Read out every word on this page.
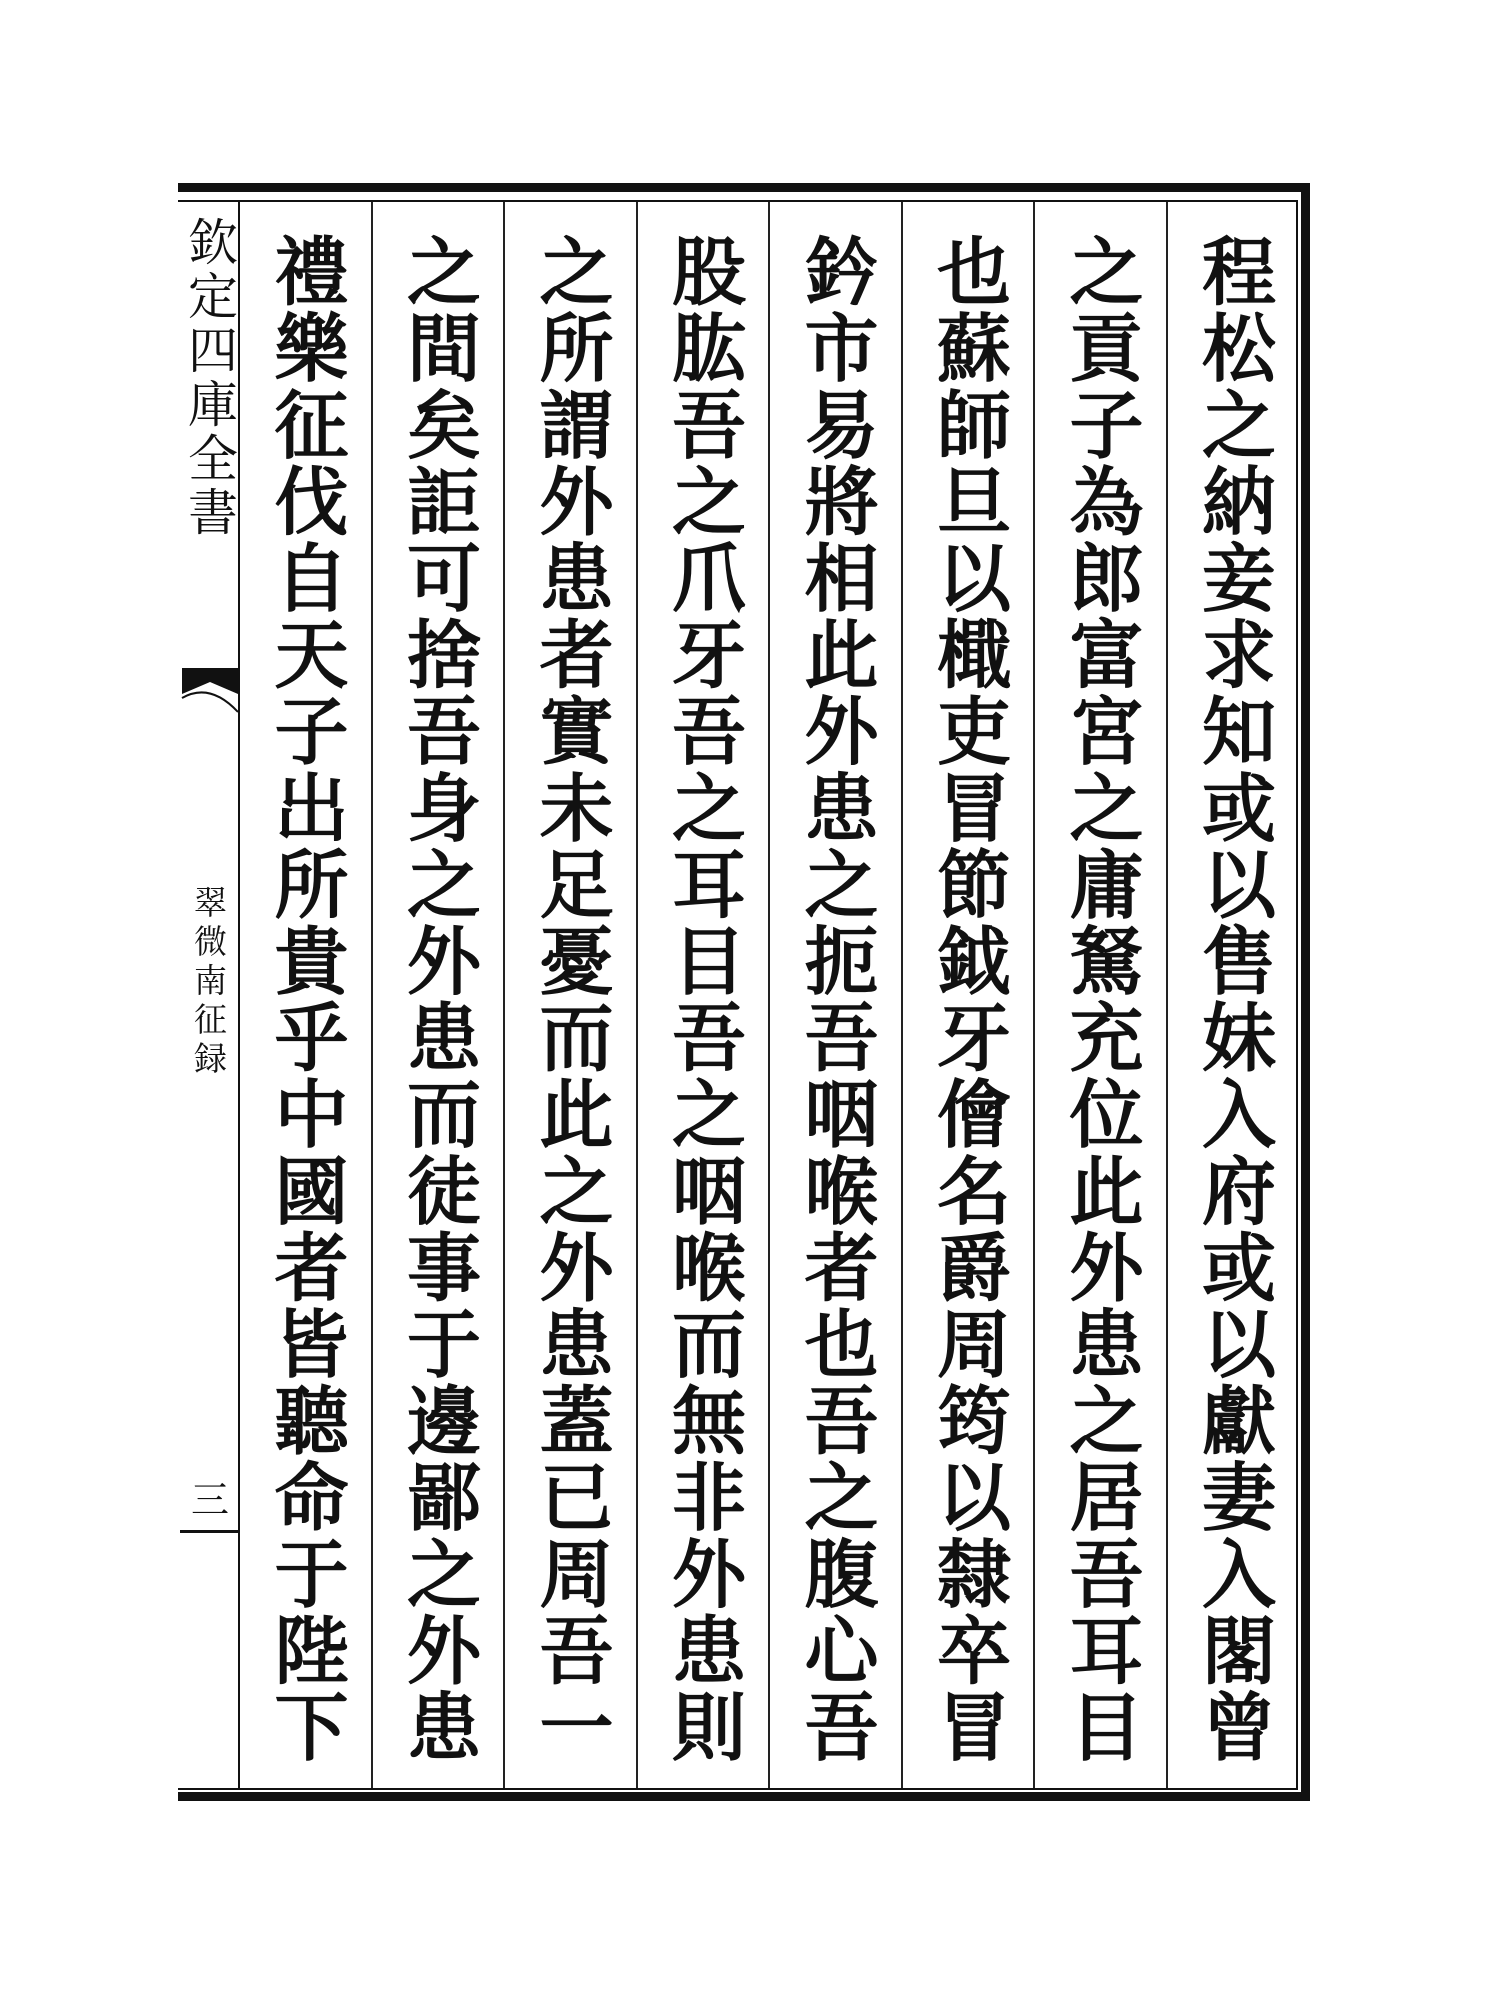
欽定四庫全書
翠微南征録
三
程松之納妾求知或以售妹入府或以獻妻入閣曾
之貢子為郎富宮之庸駑充位此外患之居吾耳目
也蘇師旦以檝吏冒節鉞牙儈名爵周筠以隸卒冒
鈐市易將相此外患之扼吾咽喉者也吾之腹心吾
股肱吾之爪牙吾之耳目吾之咽喉而無非外患則
之所謂外患者實未足憂而此之外患蓋已周吾一
之間矣詎可捨吾身之外患而徒事于邊鄙之外患
禮樂征伐自天子出所貴乎中國者皆聽命于陛下
